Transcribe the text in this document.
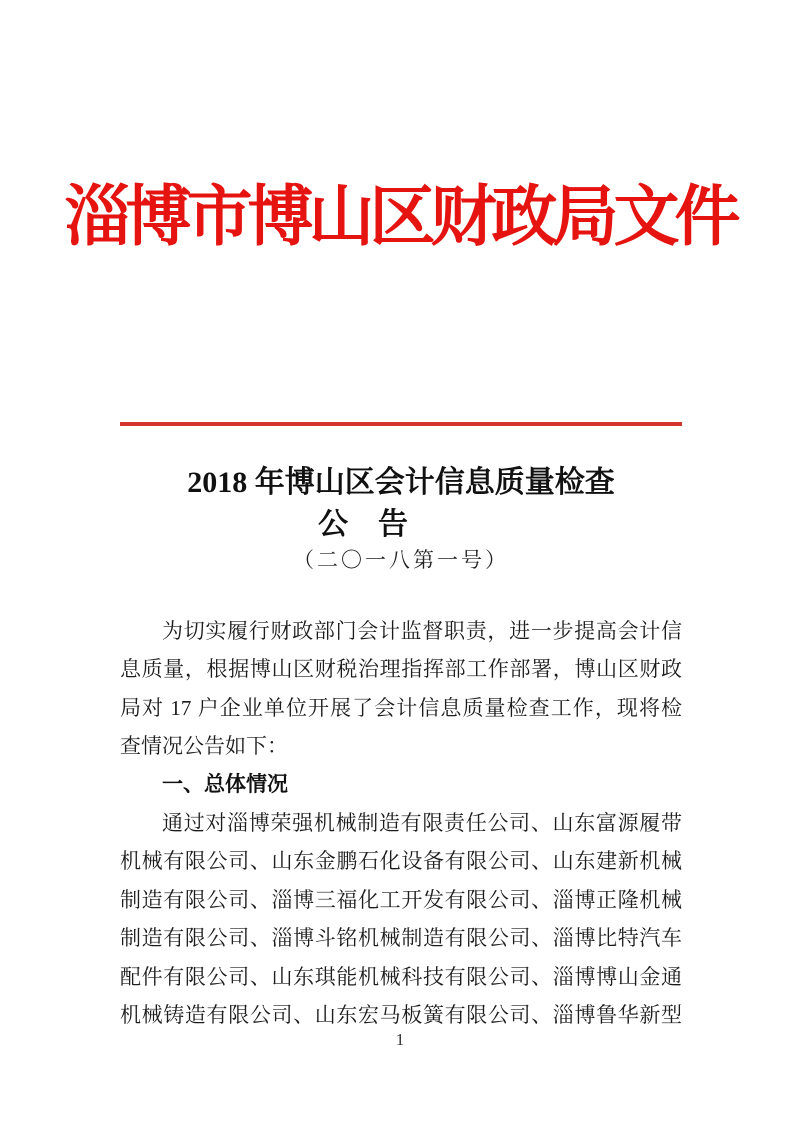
淄博市博山区财政局文件
2018 年博山区会计信息质量检查
公　告
（二〇一八第一号）
为切实履行财政部门会计监督职责，进一步提高会计信
息质量，根据博山区财税治理指挥部工作部署，博山区财政
局对 17 户企业单位开展了会计信息质量检查工作，现将检
查情况公告如下：
一、总体情况
通过对淄博荣强机械制造有限责任公司、山东富源履带
机械有限公司、山东金鹏石化设备有限公司、山东建新机械
制造有限公司、淄博三福化工开发有限公司、淄博正隆机械
制造有限公司、淄博斗铭机械制造有限公司、淄博比特汽车
配件有限公司、山东琪能机械科技有限公司、淄博博山金通
机械铸造有限公司、山东宏马板簧有限公司、淄博鲁华新型
1
